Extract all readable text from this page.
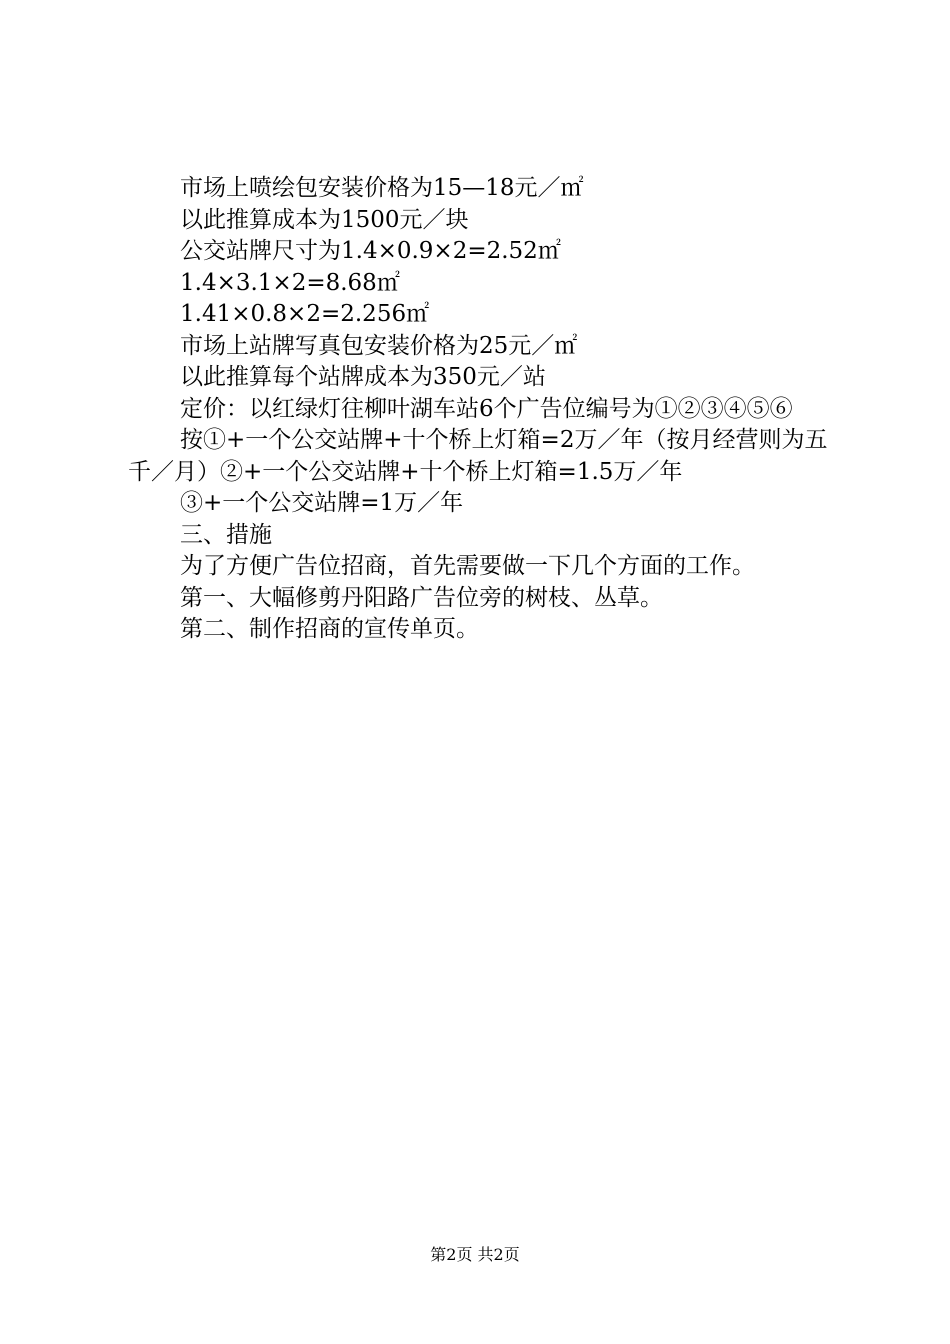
市场上喷绘包安装价格为15—18元／㎡

以此推算成本为1500元／块

公交站牌尺寸为1.4×0.9×2=2.52㎡

1.4×3.1×2=8.68㎡

1.41×0.8×2=2.256㎡

市场上站牌写真包安装价格为25元／㎡

以此推算每个站牌成本为350元／站

定价：以红绿灯往柳叶湖车站6个广告位编号为①②③④⑤⑥

按①+一个公交站牌+十个桥上灯箱=2万／年（按月经营则为五千／月）②+一个公交站牌+十个桥上灯箱=1.5万／年

③+一个公交站牌=1万／年

三、措施

为了方便广告位招商，首先需要做一下几个方面的工作。

第一、大幅修剪丹阳路广告位旁的树枝、丛草。

第二、制作招商的宣传单页。

第2页 共2页
